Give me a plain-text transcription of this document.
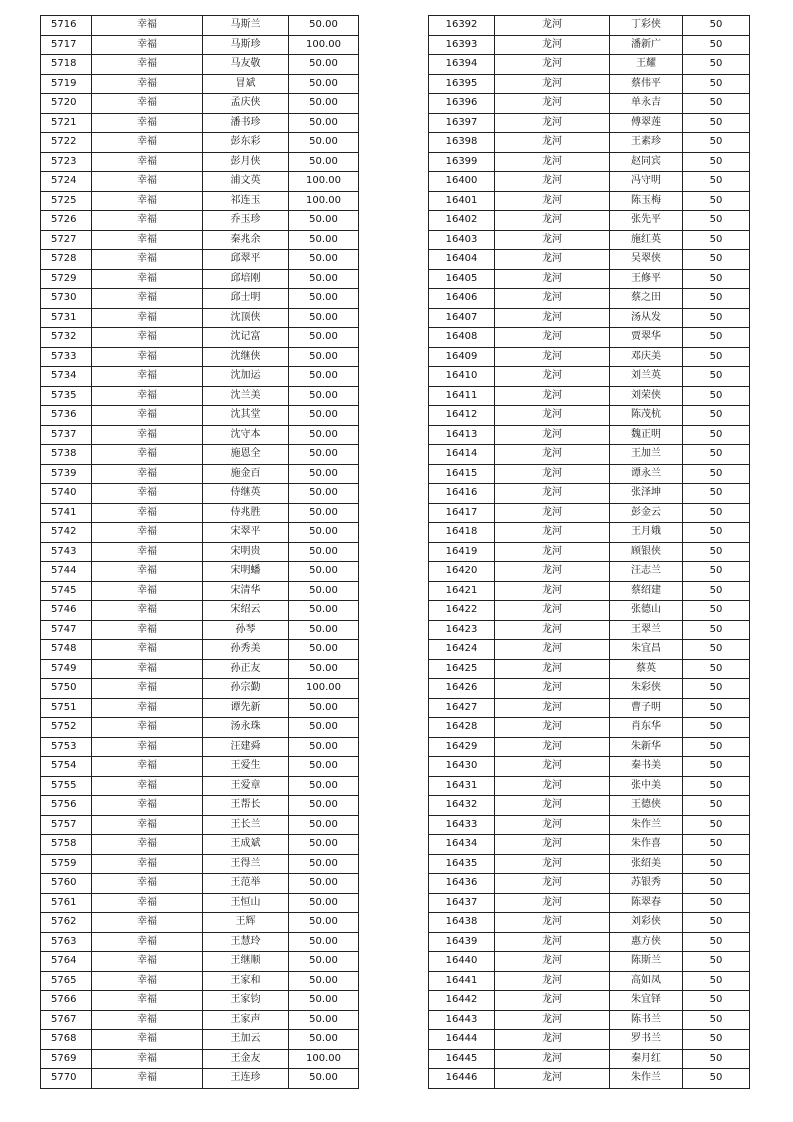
5716	幸福	马斯兰	50.00
5717	幸福	马斯珍	100.00
5718	幸福	马友敬	50.00
5719	幸福	冒斌	50.00
5720	幸福	孟庆侠	50.00
5721	幸福	潘书珍	50.00
5722	幸福	彭东彩	50.00
5723	幸福	彭月侠	50.00
5724	幸福	浦文英	100.00
5725	幸福	祁连玉	100.00
5726	幸福	乔玉珍	50.00
5727	幸福	秦兆余	50.00
5728	幸福	邱翠平	50.00
5729	幸福	邱培刚	50.00
5730	幸福	邱士明	50.00
5731	幸福	沈顶侠	50.00
5732	幸福	沈记富	50.00
5733	幸福	沈继侠	50.00
5734	幸福	沈加运	50.00
5735	幸福	沈兰美	50.00
5736	幸福	沈其堂	50.00
5737	幸福	沈守本	50.00
5738	幸福	施恩全	50.00
5739	幸福	施金百	50.00
5740	幸福	侍继英	50.00
5741	幸福	侍兆胜	50.00
5742	幸福	宋翠平	50.00
5743	幸福	宋明贵	50.00
5744	幸福	宋明蟠	50.00
5745	幸福	宋清华	50.00
5746	幸福	宋绍云	50.00
5747	幸福	孙琴	50.00
5748	幸福	孙秀美	50.00
5749	幸福	孙正友	50.00
5750	幸福	孙宗勤	100.00
5751	幸福	谭先新	50.00
5752	幸福	汤永珠	50.00
5753	幸福	汪建舜	50.00
5754	幸福	王爱生	50.00
5755	幸福	王爱章	50.00
5756	幸福	王帮长	50.00
5757	幸福	王长兰	50.00
5758	幸福	王成斌	50.00
5759	幸福	王得兰	50.00
5760	幸福	王范举	50.00
5761	幸福	王恒山	50.00
5762	幸福	王辉	50.00
5763	幸福	王慧玲	50.00
5764	幸福	王继顺	50.00
5765	幸福	王家和	50.00
5766	幸福	王家钧	50.00
5767	幸福	王家声	50.00
5768	幸福	王加云	50.00
5769	幸福	王金友	100.00
5770	幸福	王连珍	50.00
16392	龙河	丁彩侠	50
16393	龙河	潘新广	50
16394	龙河	王耀	50
16395	龙河	蔡伟平	50
16396	龙河	单永吉	50
16397	龙河	傅翠莲	50
16398	龙河	王素珍	50
16399	龙河	赵同宾	50
16400	龙河	冯守明	50
16401	龙河	陈玉梅	50
16402	龙河	张先平	50
16403	龙河	施红英	50
16404	龙河	吴翠侠	50
16405	龙河	王修平	50
16406	龙河	蔡之田	50
16407	龙河	汤从发	50
16408	龙河	贾翠华	50
16409	龙河	邓庆美	50
16410	龙河	刘兰英	50
16411	龙河	刘荣侠	50
16412	龙河	陈茂杭	50
16413	龙河	魏正明	50
16414	龙河	王加兰	50
16415	龙河	谭永兰	50
16416	龙河	张泽坤	50
16417	龙河	彭金云	50
16418	龙河	王月娥	50
16419	龙河	顾银侠	50
16420	龙河	汪志兰	50
16421	龙河	蔡绍建	50
16422	龙河	张德山	50
16423	龙河	王翠兰	50
16424	龙河	朱宜昌	50
16425	龙河	蔡英	50
16426	龙河	朱彩侠	50
16427	龙河	曹子明	50
16428	龙河	肖东华	50
16429	龙河	朱新华	50
16430	龙河	秦书美	50
16431	龙河	张中美	50
16432	龙河	王德侠	50
16433	龙河	朱作兰	50
16434	龙河	朱作喜	50
16435	龙河	张绍美	50
16436	龙河	苏银秀	50
16437	龙河	陈翠春	50
16438	龙河	刘彩侠	50
16439	龙河	惠方侠	50
16440	龙河	陈斯兰	50
16441	龙河	高如凤	50
16442	龙河	朱宜铎	50
16443	龙河	陈书兰	50
16444	龙河	罗书兰	50
16445	龙河	秦月红	50
16446	龙河	朱作兰	50
